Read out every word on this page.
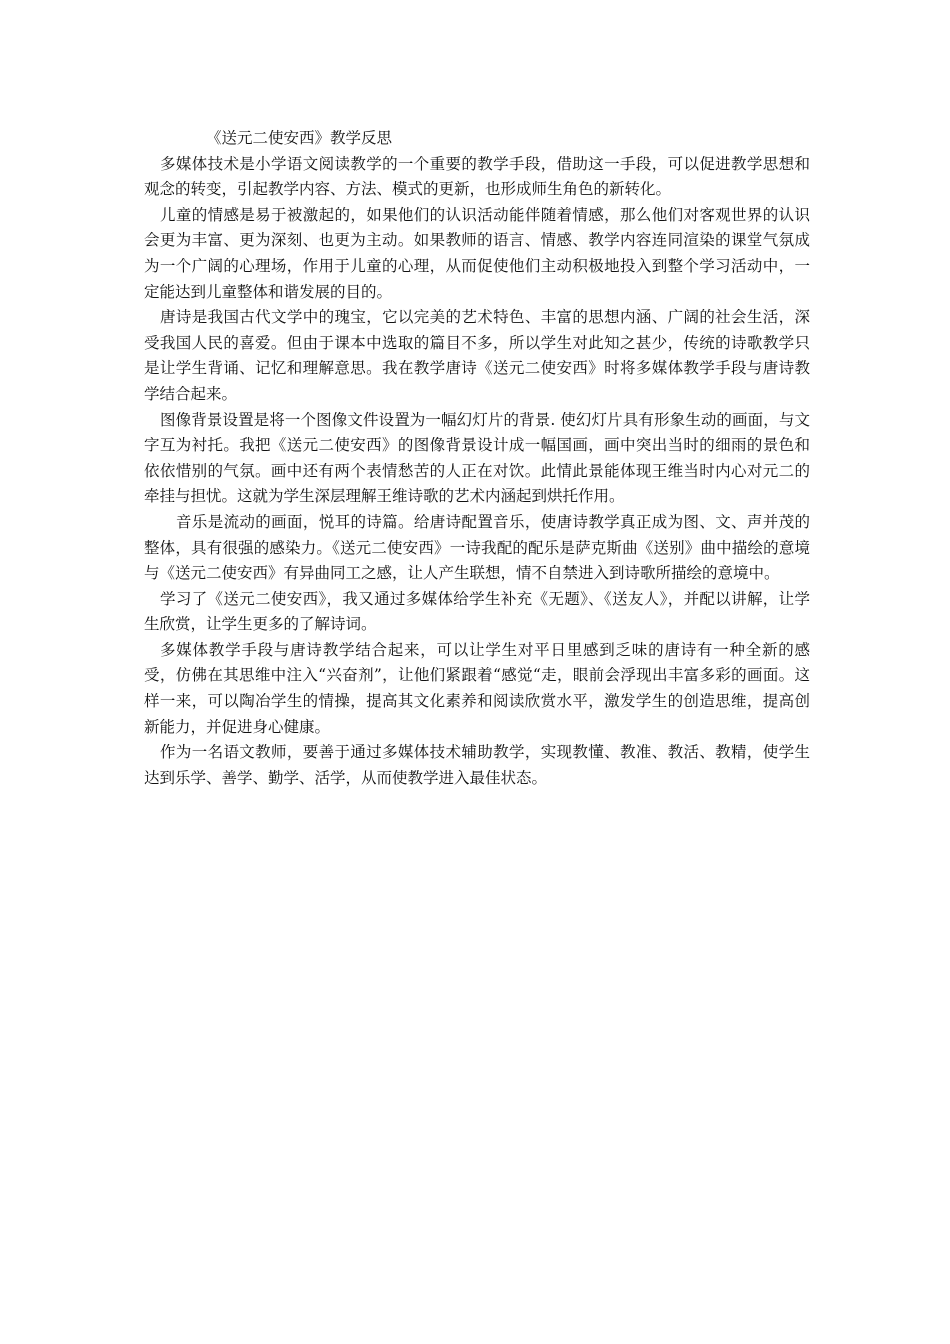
《送元二使安西》教学反思

多媒体技术是小学语文阅读教学的一个重要的教学手段，借助这一手段，可以促进教学思想和观念的转变，引起教学内容、方法、模式的更新，也形成师生角色的新转化。

儿童的情感是易于被激起的，如果他们的认识活动能伴随着情感，那么他们对客观世界的认识会更为丰富、更为深刻、也更为主动。如果教师的语言、情感、教学内容连同渲染的课堂气氛成为一个广阔的心理场，作用于儿童的心理，从而促使他们主动积极地投入到整个学习活动中，一定能达到儿童整体和谐发展的目的。

唐诗是我国古代文学中的瑰宝，它以完美的艺术特色、丰富的思想内涵、广阔的社会生活，深受我国人民的喜爱。但由于课本中选取的篇目不多，所以学生对此知之甚少，传统的诗歌教学只是让学生背诵、记忆和理解意思。我在教学唐诗《送元二使安西》时将多媒体教学手段与唐诗教学结合起来。

图像背景设置是将一个图像文件设置为一幅幻灯片的背景. 使幻灯片具有形象生动的画面，与文字互为衬托。我把《送元二使安西》的图像背景设计成一幅国画，画中突出当时的细雨的景色和依依惜别的气氛。画中还有两个表情愁苦的人正在对饮。此情此景能体现王维当时内心对元二的牵挂与担忧。这就为学生深层理解王维诗歌的艺术内涵起到烘托作用。

音乐是流动的画面，悦耳的诗篇。给唐诗配置音乐，使唐诗教学真正成为图、文、声并茂的整体，具有很强的感染力。《送元二使安西》一诗我配的配乐是萨克斯曲《送别》曲中描绘的意境与《送元二使安西》有异曲同工之感，让人产生联想，情不自禁进入到诗歌所描绘的意境中。

学习了《送元二使安西》，我又通过多媒体给学生补充《无题》、《送友人》，并配以讲解，让学生欣赏，让学生更多的了解诗词。

多媒体教学手段与唐诗教学结合起来，可以让学生对平日里感到乏味的唐诗有一种全新的感受，仿佛在其思维中注入“兴奋剂”，让他们紧跟着“感觉“走，眼前会浮现出丰富多彩的画面。这样一来，可以陶冶学生的情操，提高其文化素养和阅读欣赏水平，激发学生的创造思维，提高创新能力，并促进身心健康。

作为一名语文教师，要善于通过多媒体技术辅助教学，实现教懂、教准、教活、教精，使学生达到乐学、善学、勤学、活学，从而使教学进入最佳状态。
